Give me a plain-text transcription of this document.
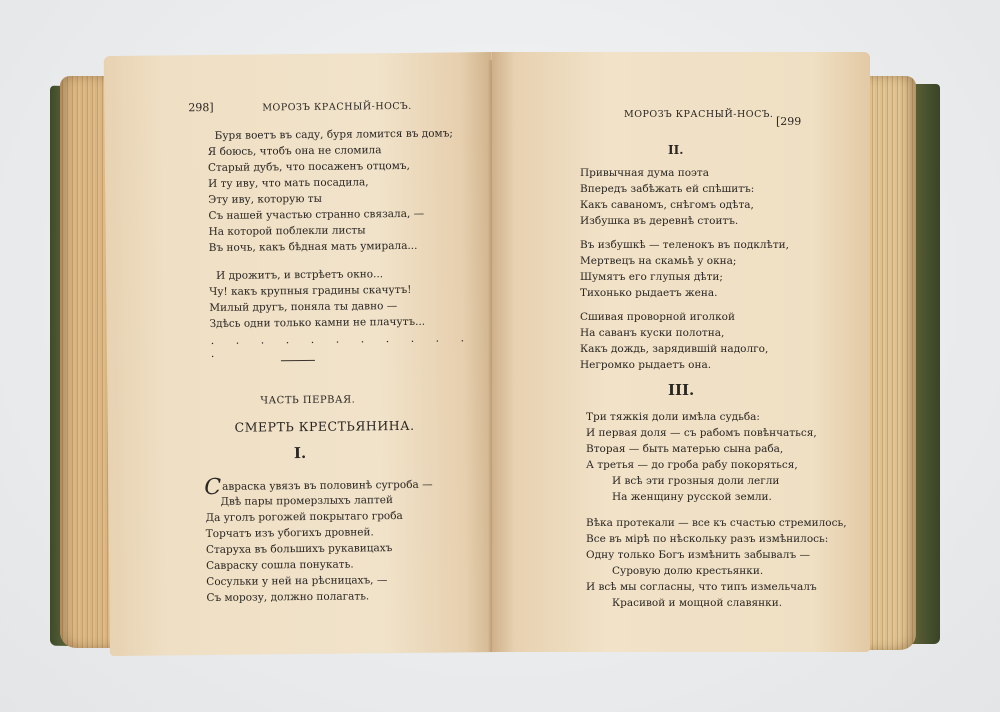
298]	МОРОЗЪ КРАСНЫЙ-НОСЪ.
Буря воетъ въ саду, буря ломится въ домъ;
Я боюсь, чтобъ она не сломила
Старый дубъ, что посаженъ отцомъ,
И ту иву, что мать посадила,
Эту иву, которую ты
Съ нашей участью странно связала, —
На которой поблекли листы
Въ ночь, какъ бѣдная мать умирала...
И дрожитъ, и встрѣетъ окно...
Чу! какъ крупныя градины скачутъ!
Милый другъ, поняла ты давно —
Здѣсь одни только камни не плачутъ...
. . . . . . . . . . . .
ЧАСТЬ ПЕРВАЯ.
СМЕРТЬ КРЕСТЬЯНИНА.
I.
Савраска увязъ въ половинѣ сугроба —
Двѣ пары промерзлыхъ лаптей
Да уголъ рогожей покрытаго гроба
Торчатъ изъ убогихъ дровней.
Старуха въ большихъ рукавицахъ
Савраску сошла понукать.
Сосульки у ней на рѣсницахъ, —
Съ морозу, должно полагать.
МОРОЗЪ КРАСНЫЙ-НОСЪ.
[299
II.
Привычная дума поэта
Впередъ забѣжать ей спѣшитъ:
Какъ саваномъ, снѣгомъ одѣта,
Избушка въ деревнѣ стоитъ.
Въ избушкѣ — теленокъ въ подклѣти,
Мертвецъ на скамьѣ у окна;
Шумятъ его глупыя дѣти;
Тихонько рыдаетъ жена.
Сшивая проворной иголкой
На саванъ куски полотна,
Какъ дождь, зарядившій надолго,
Негромко рыдаетъ она.
III.
Три тяжкія доли имѣла судьба:
И первая доля — съ рабомъ повѣнчаться,
Вторая — быть матерью сына раба,
А третья — до гроба рабу покоряться,
И всѣ эти грозныя доли легли
На женщину русской земли.
Вѣка протекали — все къ счастью стремилось,
Все въ мірѣ по нѣскольку разъ измѣнилось:
Одну только Богъ измѣнить забывалъ —
Суровую долю крестьянки.
И всѣ мы согласны, что типъ измельчалъ
Красивой и мощной славянки.
